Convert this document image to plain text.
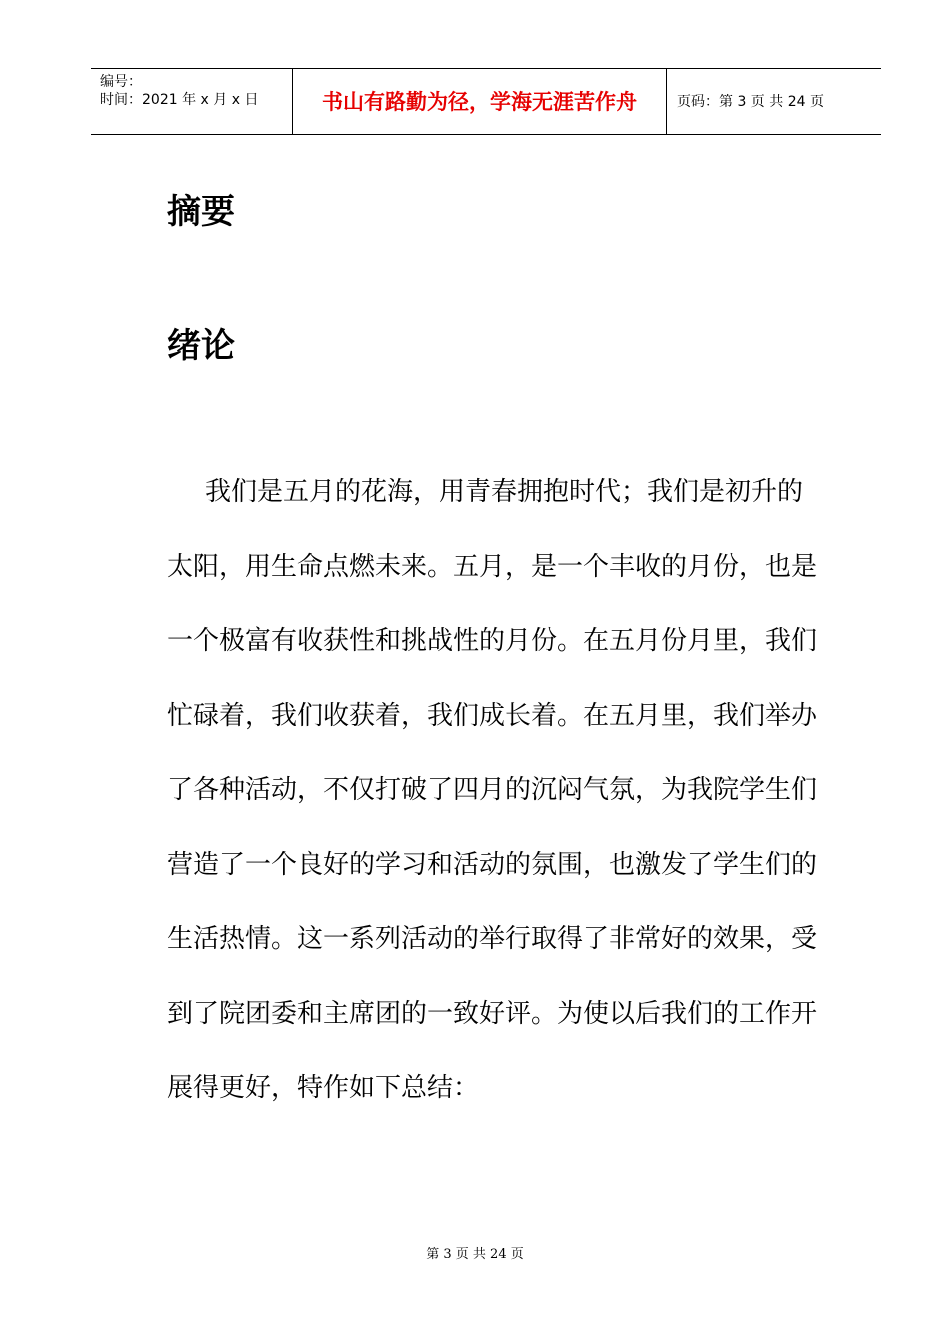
编号：
时间：2021 年 x 月 x 日	书山有路勤为径，学海无涯苦作舟	页码：第 3 页 共 24 页
摘要
绪论
我们是五月的花海，用青春拥抱时代；我们是初升的
太阳，用生命点燃未来。五月，是一个丰收的月份，也是
一个极富有收获性和挑战性的月份。在五月份月里，我们
忙碌着，我们收获着，我们成长着。在五月里，我们举办
了各种活动，不仅打破了四月的沉闷气氛，为我院学生们
营造了一个良好的学习和活动的氛围，也激发了学生们的
生活热情。这一系列活动的举行取得了非常好的效果，受
到了院团委和主席团的一致好评。为使以后我们的工作开
展得更好，特作如下总结：
第 3 页 共 24 页
